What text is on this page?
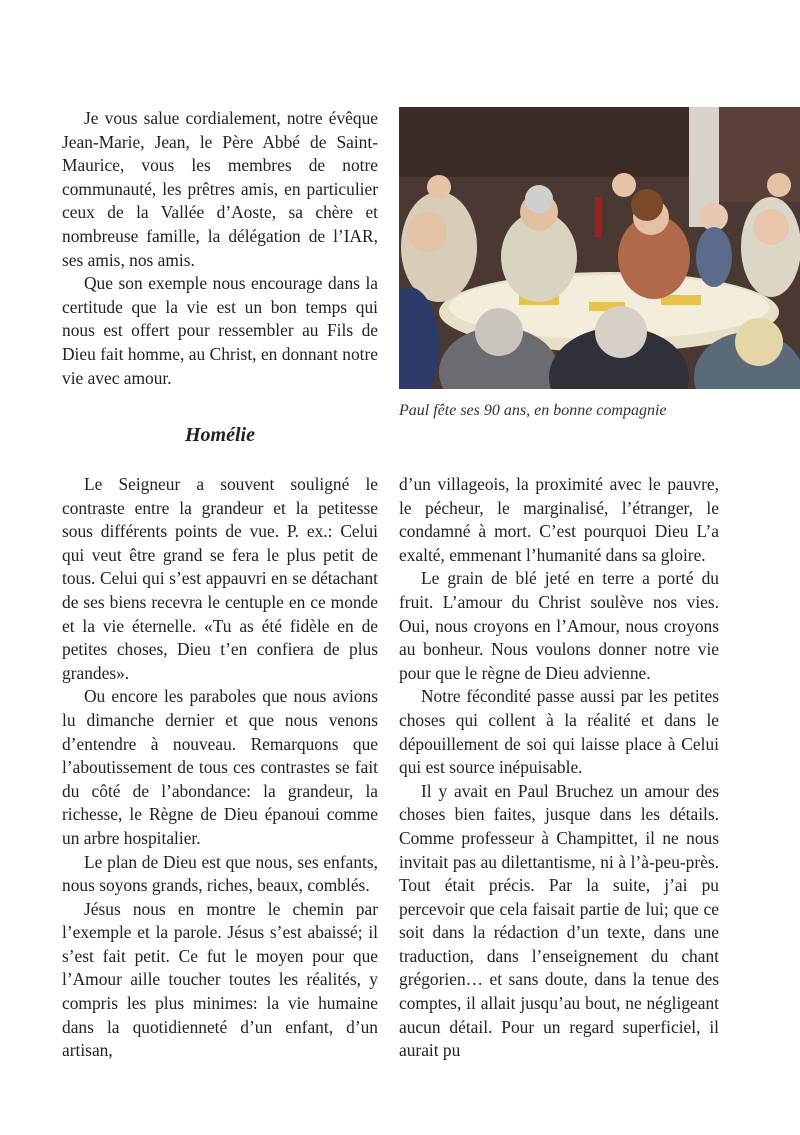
Je vous salue cordialement, notre évêque Jean-Marie, Jean, le Père Abbé de Saint-Maurice, vous les membres de notre communauté, les prêtres amis, en particulier ceux de la Vallée d’Aoste, sa chère et nombreuse famille, la délégation de l’IAR, ses amis, nos amis.

Que son exemple nous encourage dans la certitude que la vie est un bon temps qui nous est offert pour ressembler au Fils de Dieu fait homme, au Christ, en donnant notre vie avec amour.

Paul fête ses 90 ans, en bonne compagnie

Homélie

Le Seigneur a souvent souligné le contraste entre la grandeur et la petitesse sous différents points de vue. P. ex.: Celui qui veut être grand se fera le plus petit de tous. Celui qui s’est appauvri en se détachant de ses biens recevra le centuple en ce monde et la vie éternelle. «Tu as été fidèle en de petites choses, Dieu t’en confiera de plus grandes».

Ou encore les paraboles que nous avions lu dimanche dernier et que nous venons d’entendre à nouveau. Remarquons que l’aboutissement de tous ces contrastes se fait du côté de l’abondance: la grandeur, la richesse, le Règne de Dieu épanoui comme un arbre hospitalier.

Le plan de Dieu est que nous, ses enfants, nous soyons grands, riches, beaux, comblés.

Jésus nous en montre le chemin par l’exemple et la parole. Jésus s’est abaissé; il s’est fait petit. Ce fut le moyen pour que l’Amour aille toucher toutes les réalités, y compris les plus minimes: la vie humaine dans la quotidienneté d’un enfant, d’un artisan,

d’un villageois, la proximité avec le pauvre, le pécheur, le marginalisé, l’étranger, le condamné à mort. C’est pourquoi Dieu L’a exalté, emmenant l’humanité dans sa gloire.

Le grain de blé jeté en terre a porté du fruit. L’amour du Christ soulève nos vies. Oui, nous croyons en l’Amour, nous croyons au bonheur. Nous voulons donner notre vie pour que le règne de Dieu advienne.

Notre fécondité passe aussi par les petites choses qui collent à la réalité et dans le dépouillement de soi qui laisse place à Celui qui est source inépuisable.

Il y avait en Paul Bruchez un amour des choses bien faites, jusque dans les détails. Comme professeur à Champittet, il ne nous invitait pas au dilettantisme, ni à l’à-peu-près. Tout était précis. Par la suite, j’ai pu percevoir que cela faisait partie de lui; que ce soit dans la rédaction d’un texte, dans une traduction, dans l’enseignement du chant grégorien… et sans doute, dans la tenue des comptes, il allait jusqu’au bout, ne négligeant aucun détail. Pour un regard superficiel, il aurait pu
